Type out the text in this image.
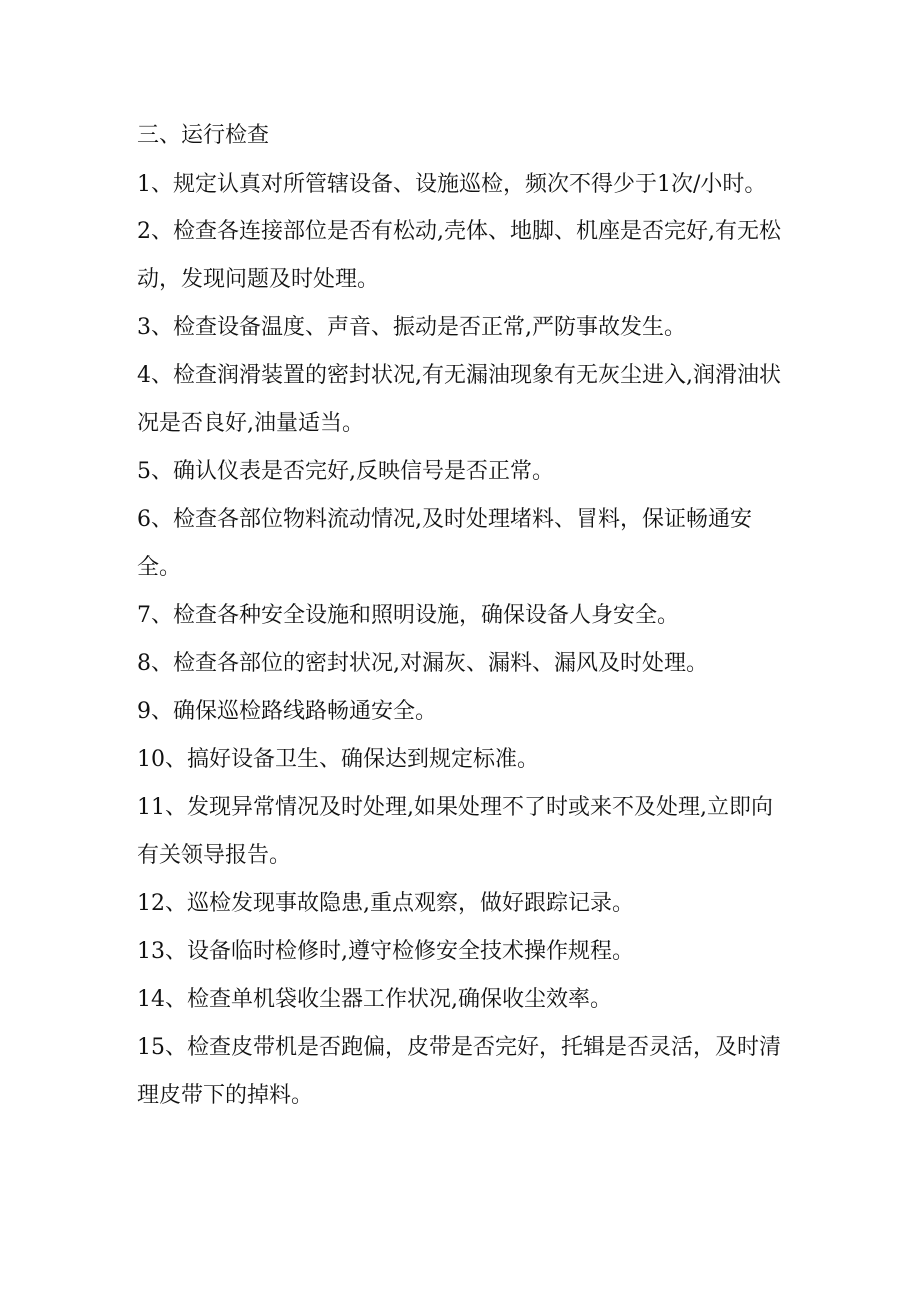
三、运行检查

1、规定认真对所管辖设备、设施巡检，频次不得少于1次/小时。

2、检查各连接部位是否有松动,壳体、地脚、机座是否完好,有无松动，发现问题及时处理。

3、检查设备温度、声音、振动是否正常,严防事故发生。

4、检查润滑装置的密封状况,有无漏油现象有无灰尘进入,润滑油状况是否良好,油量适当。

5、确认仪表是否完好,反映信号是否正常。

6、检查各部位物料流动情况,及时处理堵料、冒料，保证畅通安全。

7、检查各种安全设施和照明设施，确保设备人身安全。

8、检查各部位的密封状况,对漏灰、漏料、漏风及时处理。

9、确保巡检路线路畅通安全。

10、搞好设备卫生、确保达到规定标准。

11、发现异常情况及时处理,如果处理不了时或来不及处理,立即向有关领导报告。

12、巡检发现事故隐患,重点观察，做好跟踪记录。

13、设备临时检修时,遵守检修安全技术操作规程。

14、检查单机袋收尘器工作状况,确保收尘效率。

15、检查皮带机是否跑偏，皮带是否完好，托辑是否灵活，及时清理皮带下的掉料。
